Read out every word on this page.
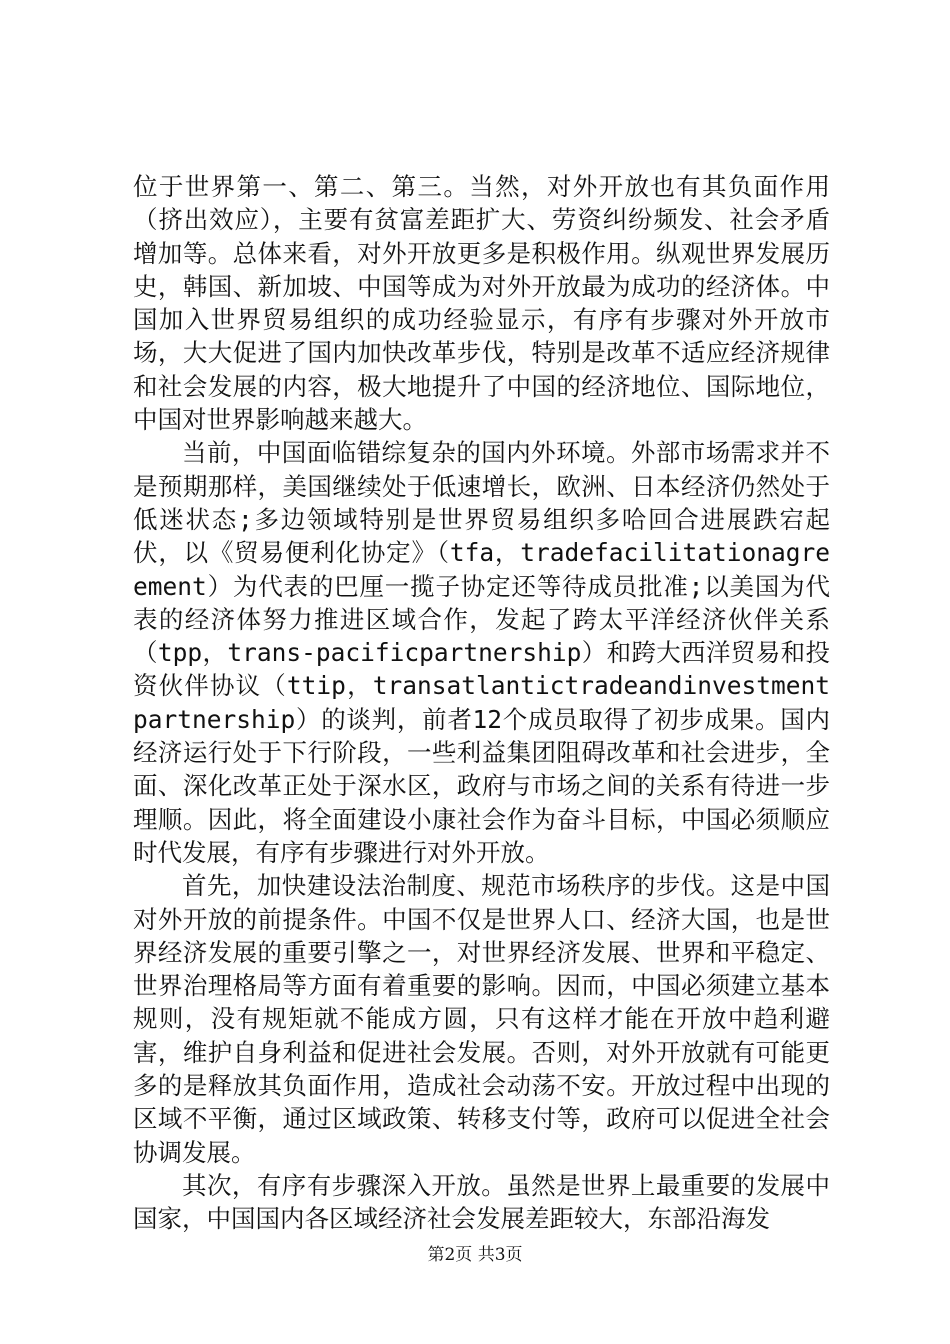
位于世界第一、第二、第三。当然，对外开放也有其负面作用（挤出效应），主要有贫富差距扩大、劳资纠纷频发、社会矛盾增加等。总体来看，对外开放更多是积极作用。纵观世界发展历史，韩国、新加坡、中国等成为对外开放最为成功的经济体。中国加入世界贸易组织的成功经验显示，有序有步骤对外开放市场，大大促进了国内加快改革步伐，特别是改革不适应经济规律和社会发展的内容，极大地提升了中国的经济地位、国际地位，中国对世界影响越来越大。

当前，中国面临错综复杂的国内外环境。外部市场需求并不是预期那样，美国继续处于低速增长，欧洲、日本经济仍然处于低迷状态;多边领域特别是世界贸易组织多哈回合进展跌宕起伏，以《贸易便利化协定》（tfa，tradefacilitationagreement）为代表的巴厘一揽子协定还等待成员批准;以美国为代表的经济体努力推进区域合作，发起了跨太平洋经济伙伴关系（tpp，trans-pacificpartnership）和跨大西洋贸易和投资伙伴协议（ttip，transatlantictradeandinvestmentpartnership）的谈判，前者12个成员取得了初步成果。国内经济运行处于下行阶段，一些利益集团阻碍改革和社会进步，全面、深化改革正处于深水区，政府与市场之间的关系有待进一步理顺。因此，将全面建设小康社会作为奋斗目标，中国必须顺应时代发展，有序有步骤进行对外开放。

首先，加快建设法治制度、规范市场秩序的步伐。这是中国对外开放的前提条件。中国不仅是世界人口、经济大国，也是世界经济发展的重要引擎之一，对世界经济发展、世界和平稳定、世界治理格局等方面有着重要的影响。因而，中国必须建立基本规则，没有规矩就不能成方圆，只有这样才能在开放中趋利避害，维护自身利益和促进社会发展。否则，对外开放就有可能更多的是释放其负面作用，造成社会动荡不安。开放过程中出现的区域不平衡，通过区域政策、转移支付等，政府可以促进全社会协调发展。

其次，有序有步骤深入开放。虽然是世界上最重要的发展中国家，中国国内各区域经济社会发展差距较大，东部沿海发

第2页 共3页
